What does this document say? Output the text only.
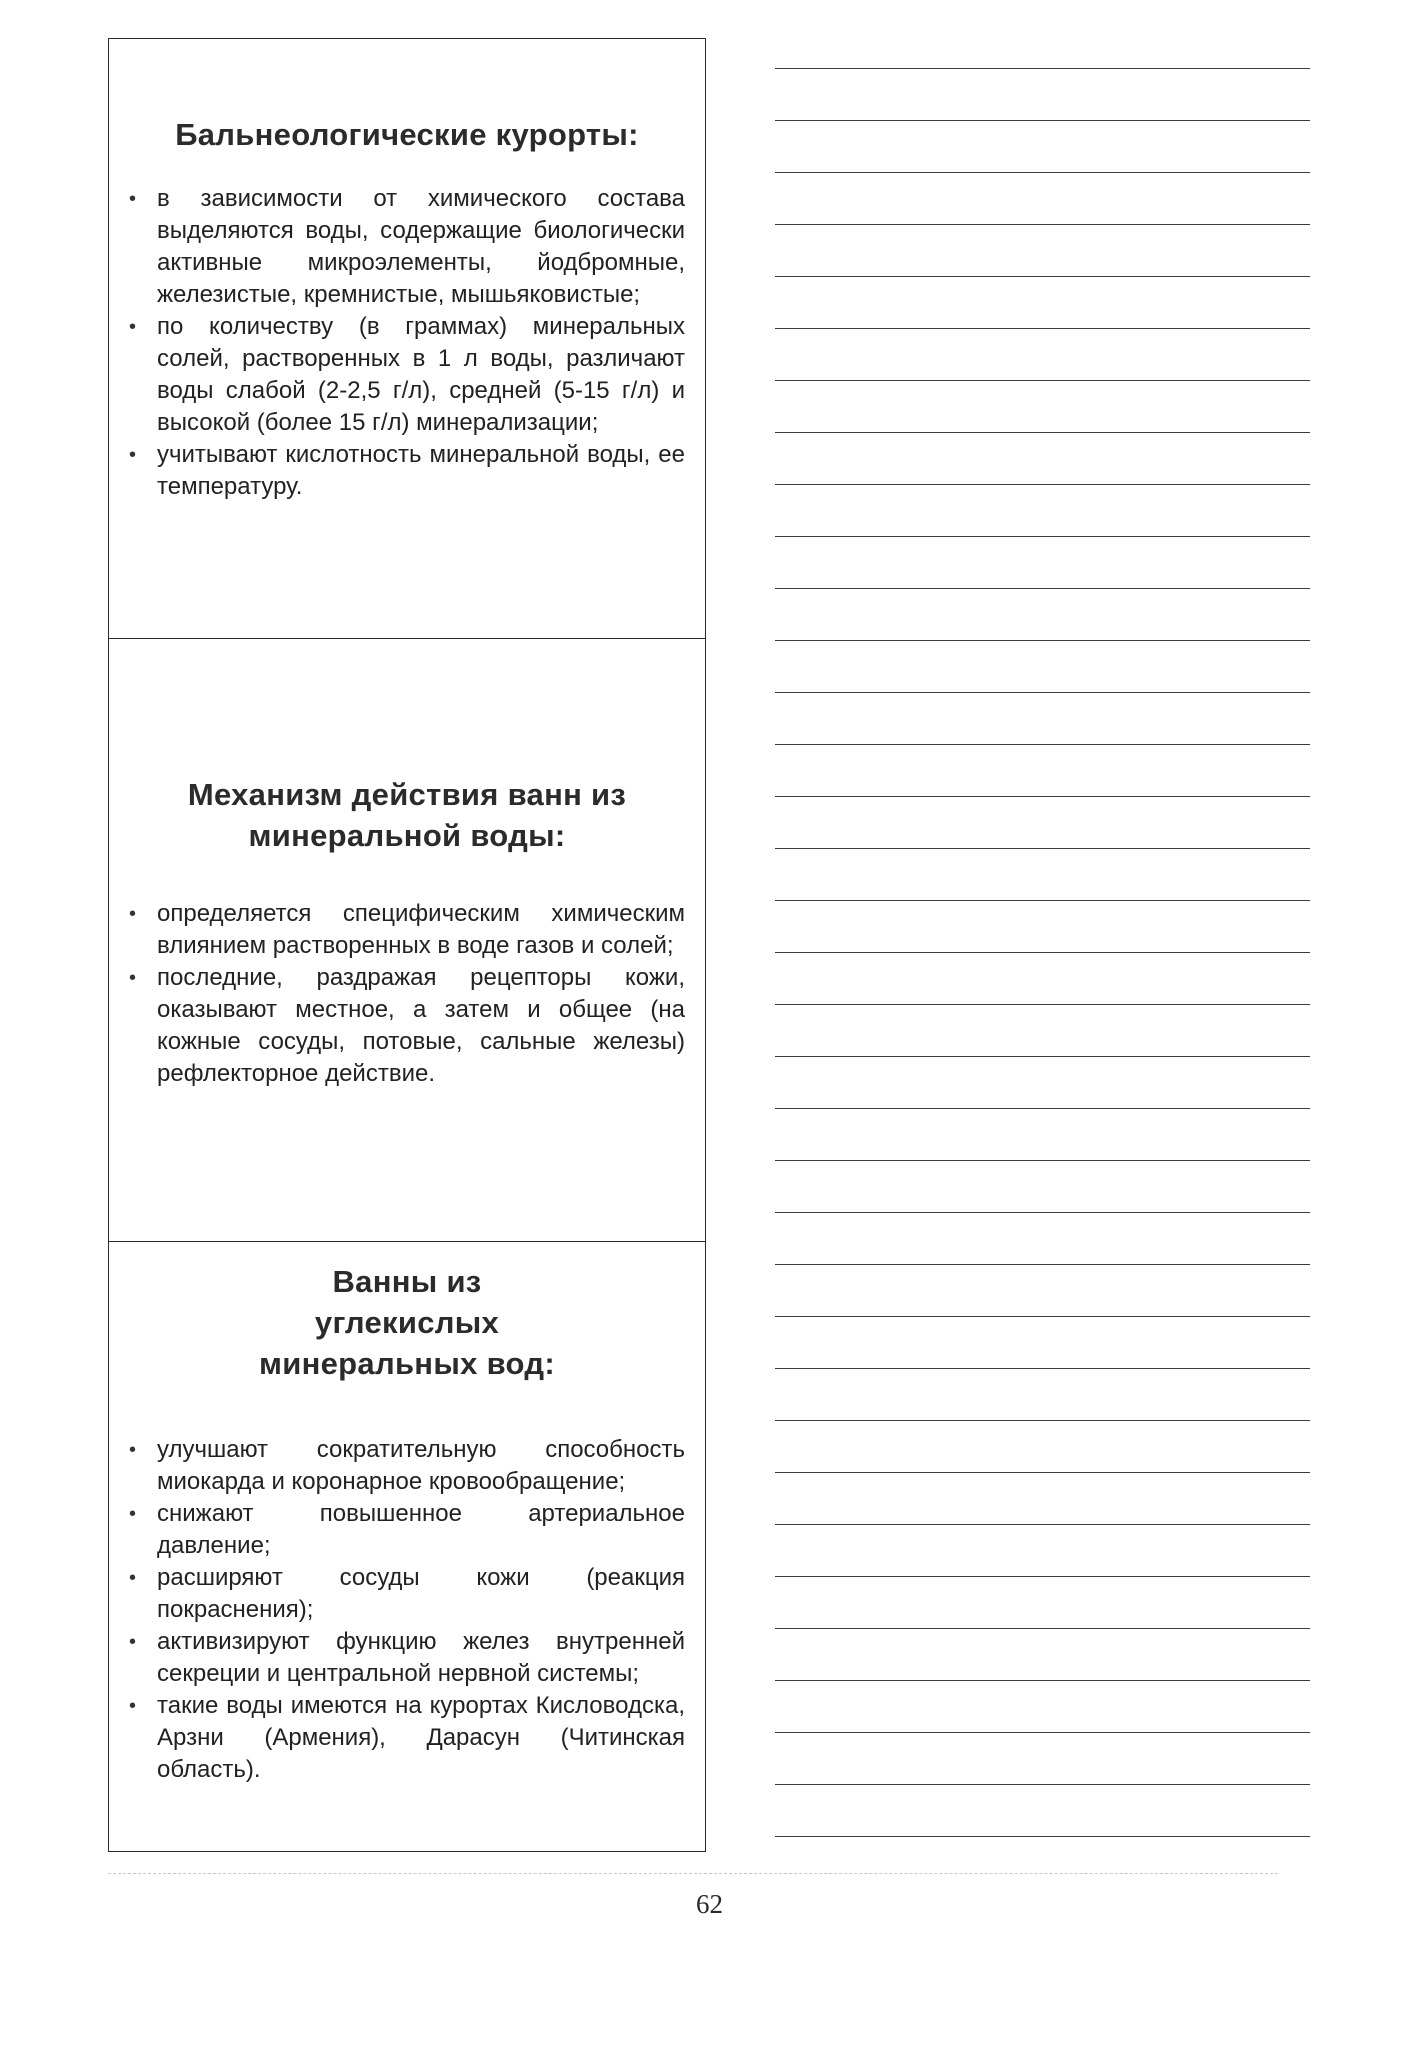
Бальнеологические курорты:
• в зависимости от химического состава выделяются воды, содержащие биологически активные микроэлементы, йодбромные, железистые, кремнистые, мышьяковистые;
• по количеству (в граммах) минеральных солей, растворенных в 1 л воды, различают воды слабой (2-2,5 г/л), средней (5-15 г/л) и высокой (более 15 г/л) минерализации;
• учитывают кислотность минеральной воды, ее температуру.
Механизм действия ванн из минеральной воды:
• определяется специфическим химическим влиянием растворенных в воде газов и солей;
• последние, раздражая рецепторы кожи, оказывают местное, а затем и общее (на кожные сосуды, потовые, сальные железы) рефлекторное действие.
Ванны из углекислых минеральных вод:
• улучшают сократительную способность миокарда и коронарное кровообращение;
• снижают повышенное артериальное давление;
• расширяют сосуды кожи (реакция покраснения);
• активизируют функцию желез внутренней секреции и центральной нервной системы;
• такие воды имеются на курортах Кисловодска, Арзни (Армения), Дарасун (Читинская область).
62
